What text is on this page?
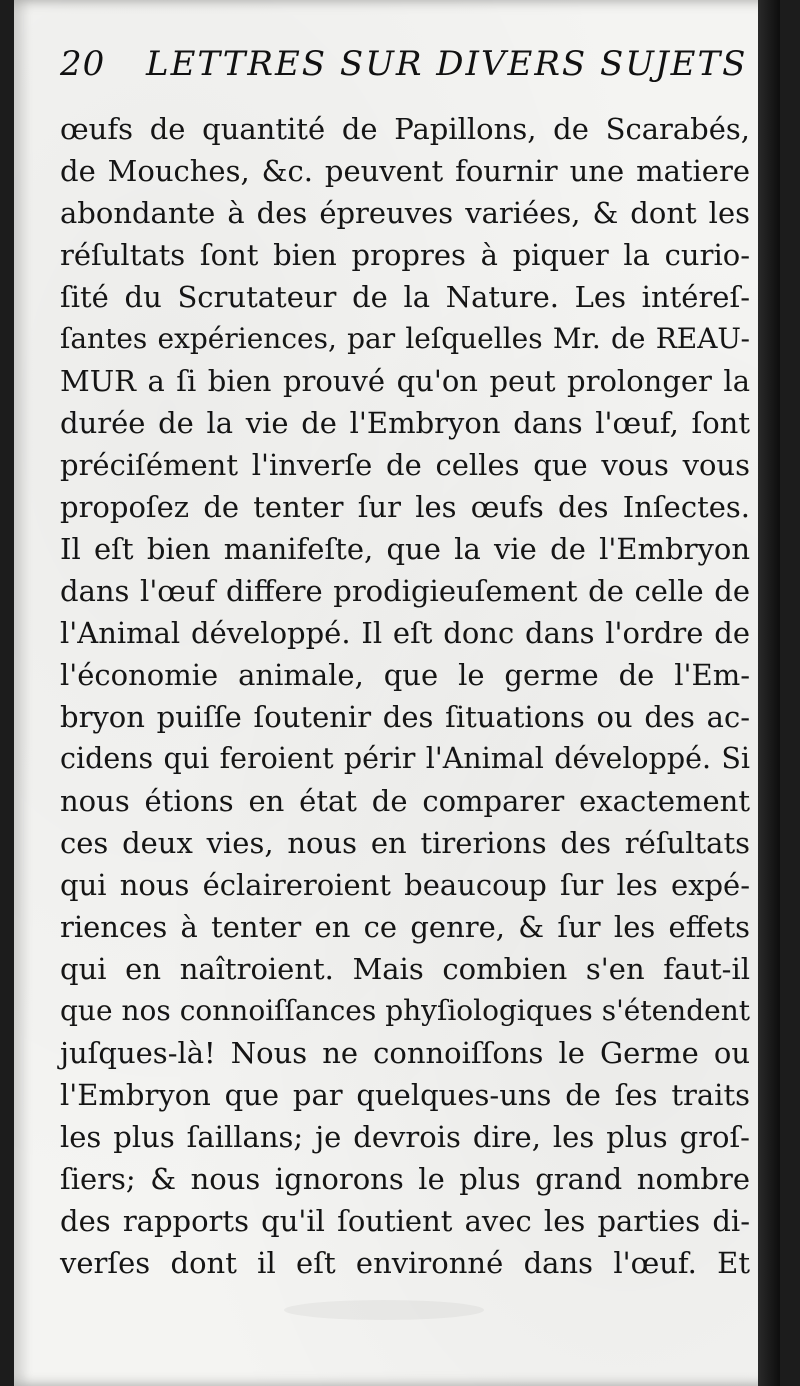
20 LETTRES SUR DIVERS SUJETS
œufs de quantité de Papillons, de Scarabés,
de Mouches, &c. peuvent fournir une matiere
abondante à des épreuves variées, & dont les
réſultats ſont bien propres à piquer la curio-
ſité du Scrutateur de la Nature. Les intéreſ-
ſantes expériences, par leſquelles Mr. de REAU-
MUR a ſi bien prouvé qu'on peut prolonger la
durée de la vie de l'Embryon dans l'œuf, ſont
préciſément l'inverſe de celles que vous vous
propoſez de tenter ſur les œufs des Inſectes.
Il eſt bien manifeſte, que la vie de l'Embryon
dans l'œuf differe prodigieuſement de celle de
l'Animal développé. Il eſt donc dans l'ordre de
l'économie animale, que le germe de l'Em-
bryon puiſſe ſoutenir des ſituations ou des ac-
cidens qui feroient périr l'Animal développé. Si
nous étions en état de comparer exactement
ces deux vies, nous en tirerions des réſultats
qui nous éclaireroient beaucoup ſur les expé-
riences à tenter en ce genre, & ſur les effets
qui en naîtroient. Mais combien s'en faut-il
que nos connoiſſances phyſiologiques s'étendent
juſques-là! Nous ne connoiſſons le Germe ou
l'Embryon que par quelques-uns de ſes traits
les plus ſaillans; je devrois dire, les plus groſ-
ſiers; & nous ignorons le plus grand nombre
des rapports qu'il ſoutient avec les parties di-
verſes dont il eſt environné dans l'œuf. Et
